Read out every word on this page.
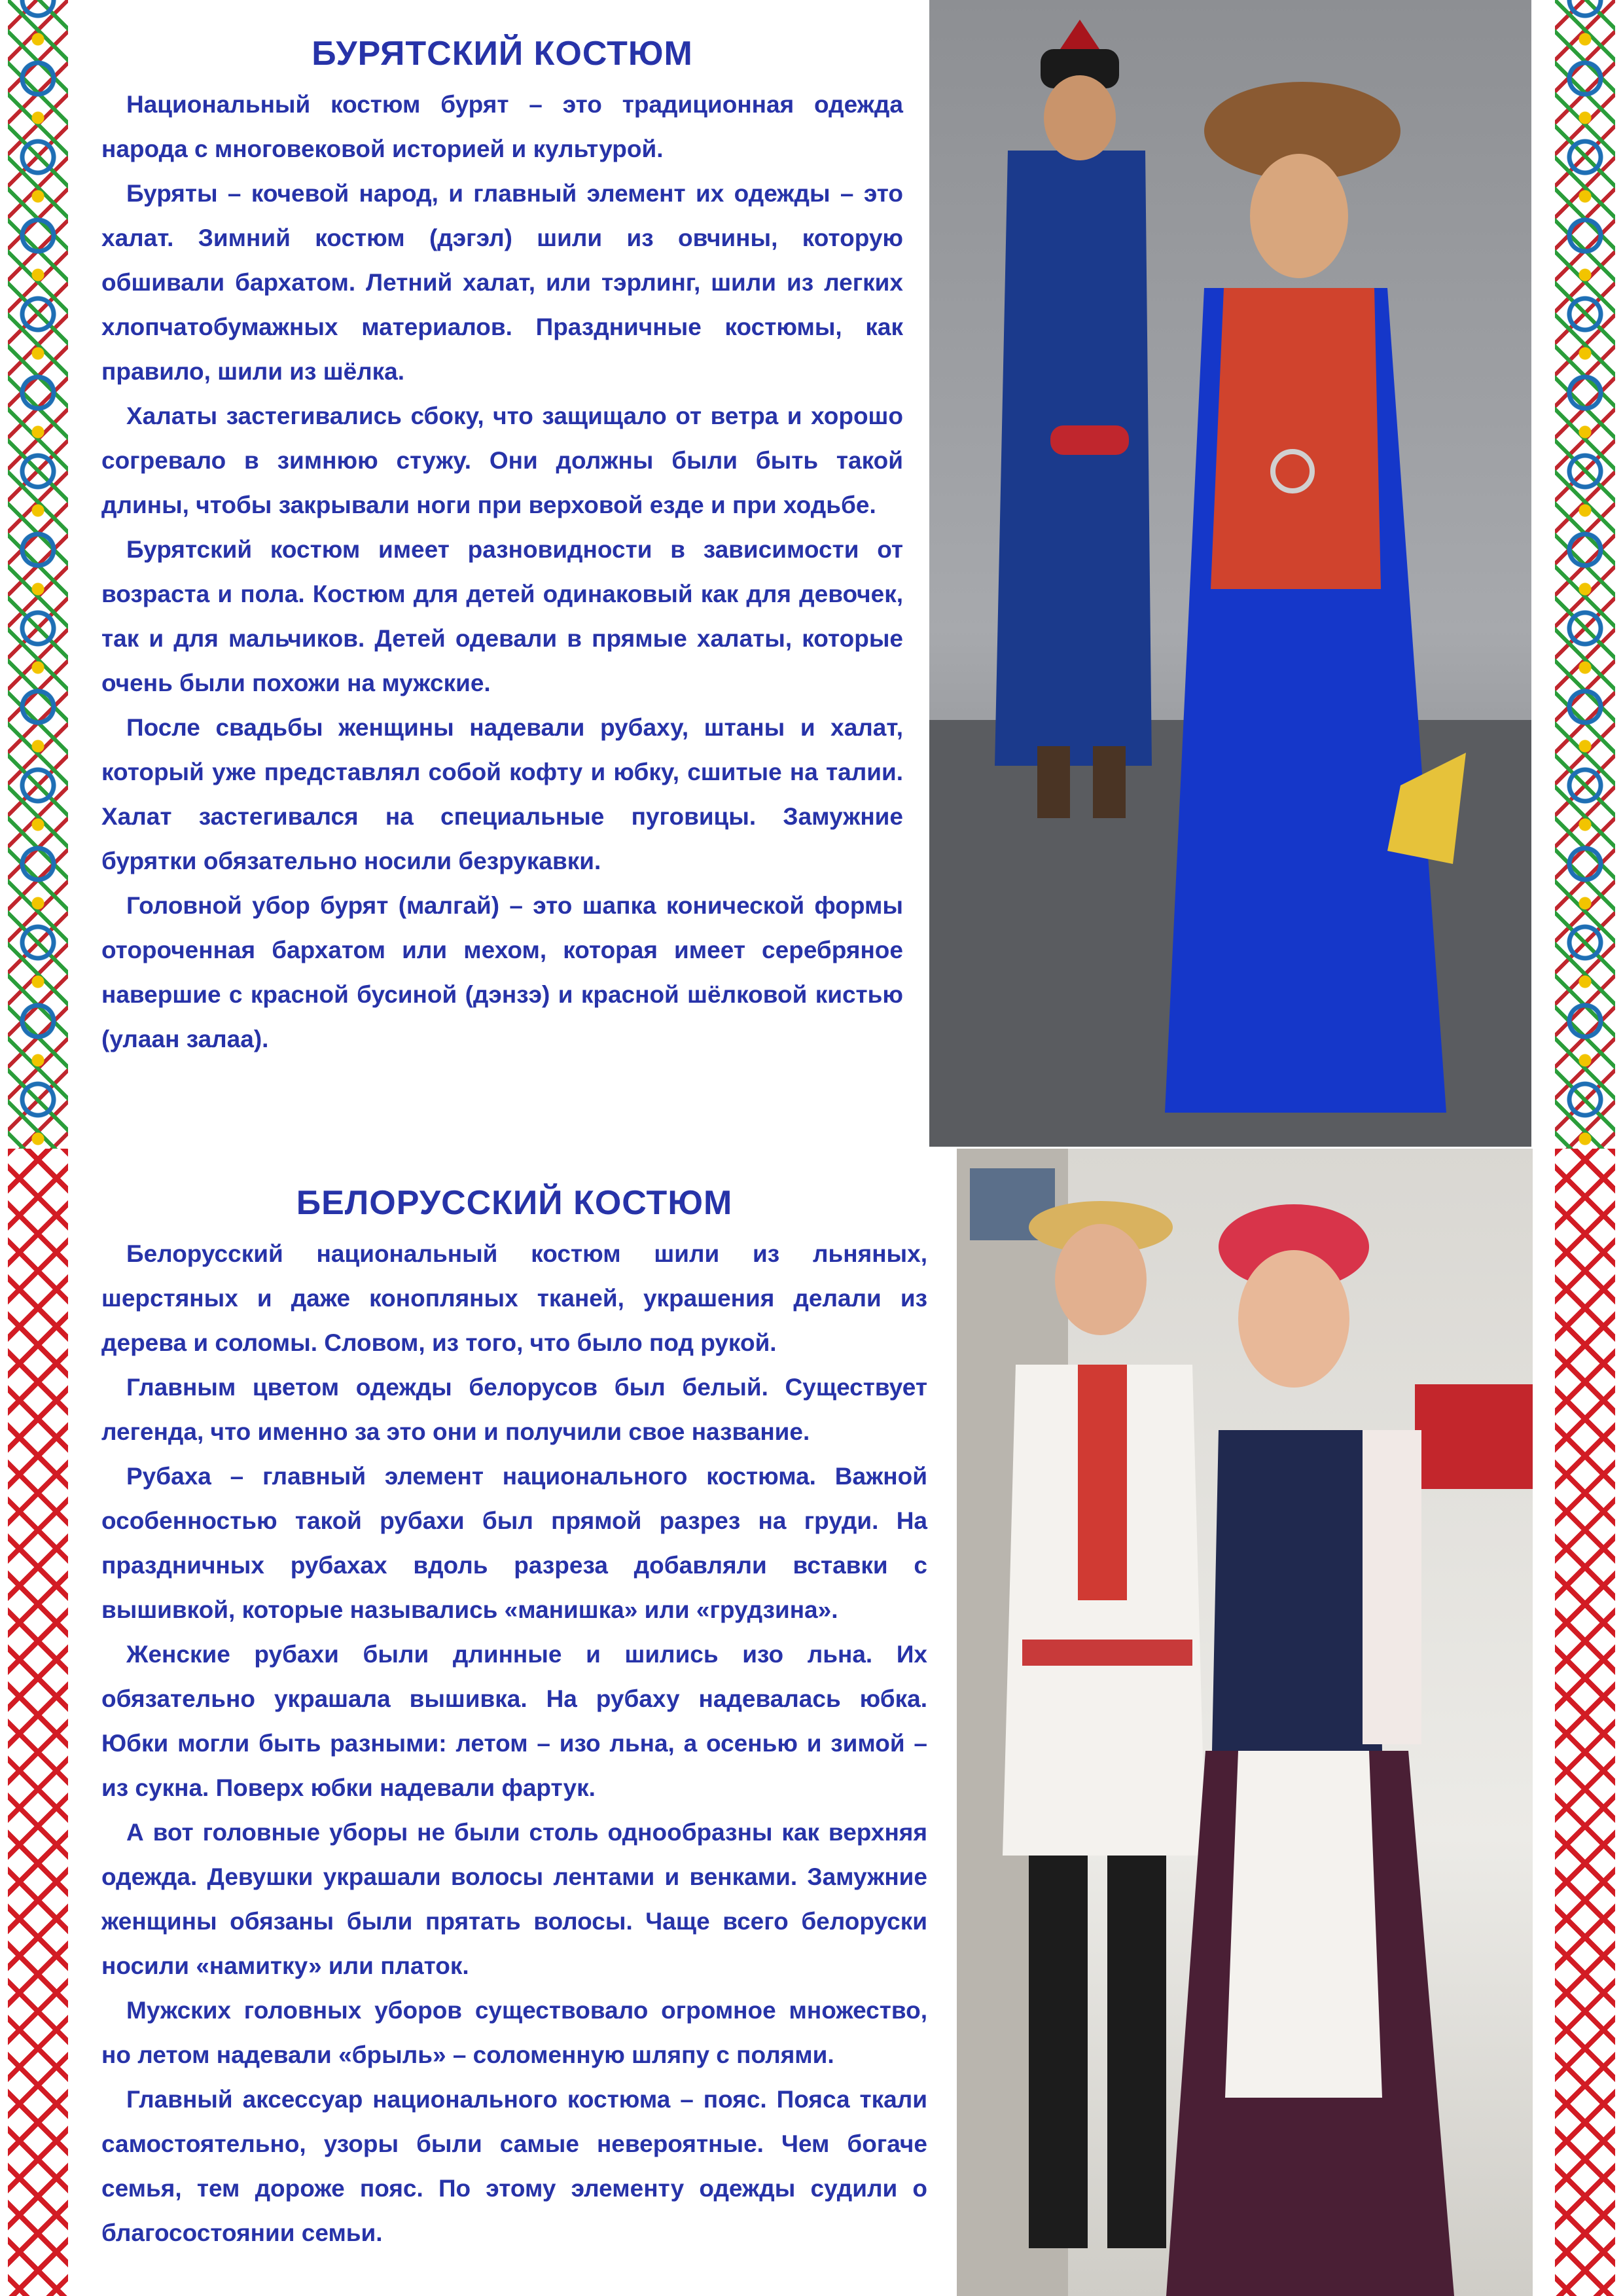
БУРЯТСКИЙ КОСТЮМ

Национальный костюм бурят – это традиционная одежда народа с многовековой историей и культурой.

Буряты – кочевой народ, и главный элемент их одежды – это халат. Зимний костюм (дэгэл) шили из овчины, которую обшивали бархатом. Летний халат, или тэрлинг, шили из легких хлопчатобумажных материалов. Праздничные костюмы, как правило, шили из шёлка.

Халаты застегивались сбоку, что защищало от ветра и хорошо согревало в зимнюю стужу. Они должны были быть такой длины, чтобы закрывали ноги при верховой езде и при ходьбе.

Бурятский костюм имеет разновидности в зависимости от возраста и пола. Костюм для детей одинаковый как для девочек, так и для мальчиков. Детей одевали в прямые халаты, которые очень были похожи на мужские.

После свадьбы женщины надевали рубаху, штаны и халат, который уже представлял собой кофту и юбку, сшитые на талии. Халат застегивался на специальные пуговицы. Замужние бурятки обязательно носили безрукавки.

Головной убор бурят (малгай) – это шапка конической формы отороченная бархатом или мехом, которая имеет серебряное навершие с красной бусиной (дэнзэ) и красной шёлковой кистью (улаан залаа).

БЕЛОРУССКИЙ КОСТЮМ

Белорусский национальный костюм шили из льняных, шерстяных и даже конопляных тканей, украшения делали из дерева и соломы. Словом, из того, что было под рукой.

Главным цветом одежды белорусов был белый. Существует легенда, что именно за это они и получили свое название.

Рубаха – главный элемент национального костюма. Важной особенностью такой рубахи был прямой разрез на груди. На праздничных рубахах вдоль разреза добавляли вставки с вышивкой, которые назывались «манишка» или «грудзина».

Женские рубахи были длинные и шились изо льна. Их обязательно украшала вышивка. На рубаху надевалась юбка. Юбки могли быть разными: летом – изо льна, а осенью и зимой – из сукна. Поверх юбки надевали фартук.

А вот головные уборы не были столь однообразны как верхняя одежда. Девушки украшали волосы лентами и венками. Замужние женщины обязаны были прятать волосы. Чаще всего белоруски носили «намитку» или платок.

Мужских головных уборов существовало огромное множество, но летом надевали «брыль» – соломенную шляпу с полями.

Главный аксессуар национального костюма – пояс. Пояса ткали самостоятельно, узоры были самые невероятные. Чем богаче семья, тем дороже пояс. По этому элементу одежды судили о благосостоянии семьи.
